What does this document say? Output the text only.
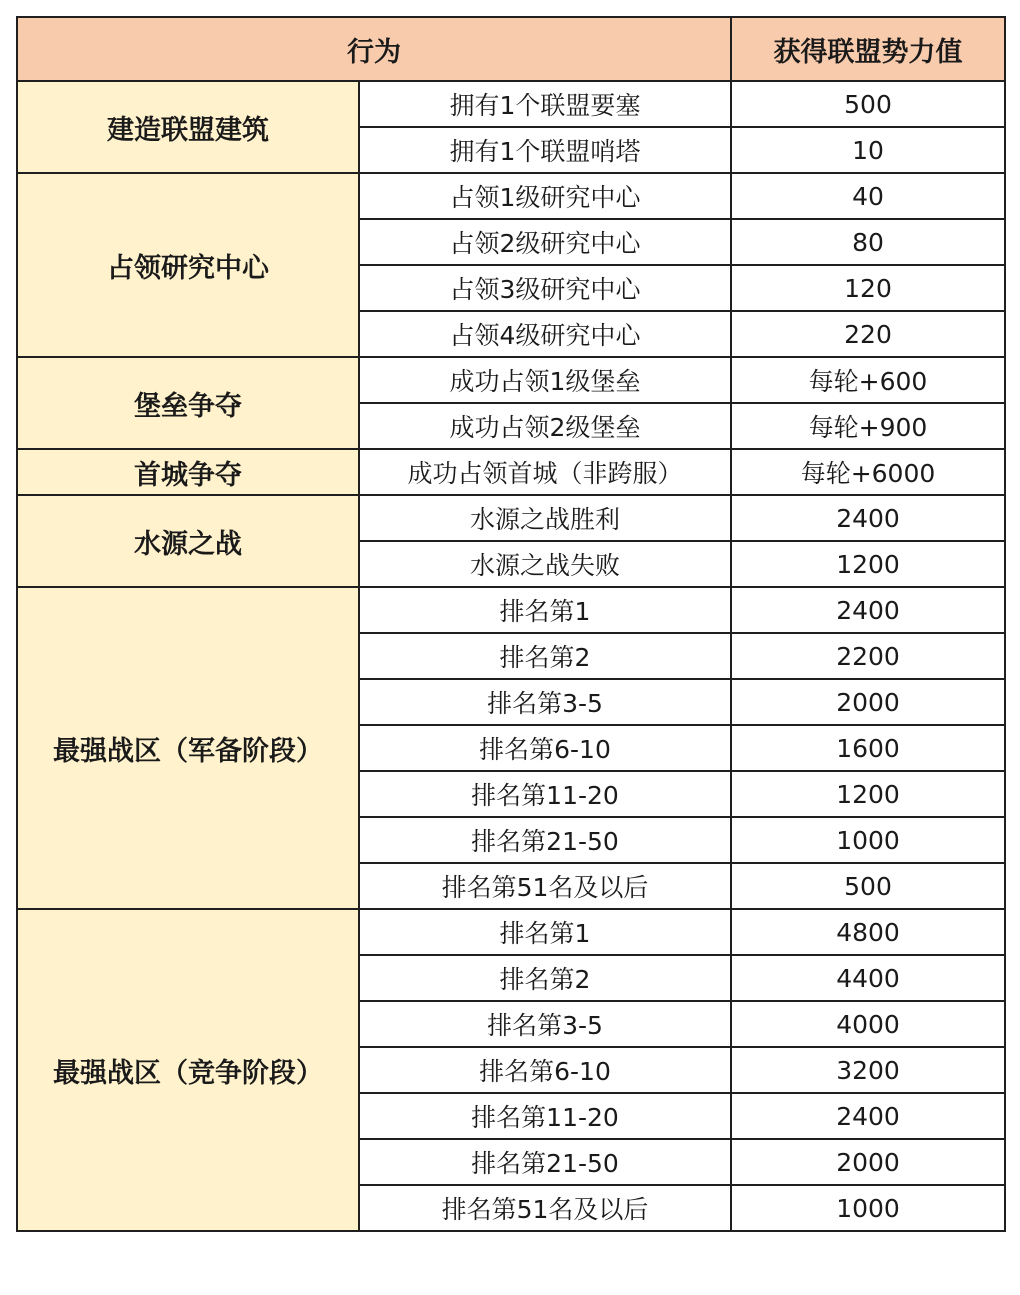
行为		获得联盟势力值
建造联盟建筑	拥有1个联盟要塞	500
	拥有1个联盟哨塔	10
占领研究中心	占领1级研究中心	40
	占领2级研究中心	80
	占领3级研究中心	120
	占领4级研究中心	220
堡垒争夺	成功占领1级堡垒	每轮+600
	成功占领2级堡垒	每轮+900
首城争夺	成功占领首城（非跨服）	每轮+6000
水源之战	水源之战胜利	2400
	水源之战失败	1200
最强战区（军备阶段）	排名第1	2400
	排名第2	2200
	排名第3-5	2000
	排名第6-10	1600
	排名第11-20	1200
	排名第21-50	1000
	排名第51名及以后	500
最强战区（竞争阶段）	排名第1	4800
	排名第2	4400
	排名第3-5	4000
	排名第6-10	3200
	排名第11-20	2400
	排名第21-50	2000
	排名第51名及以后	1000
